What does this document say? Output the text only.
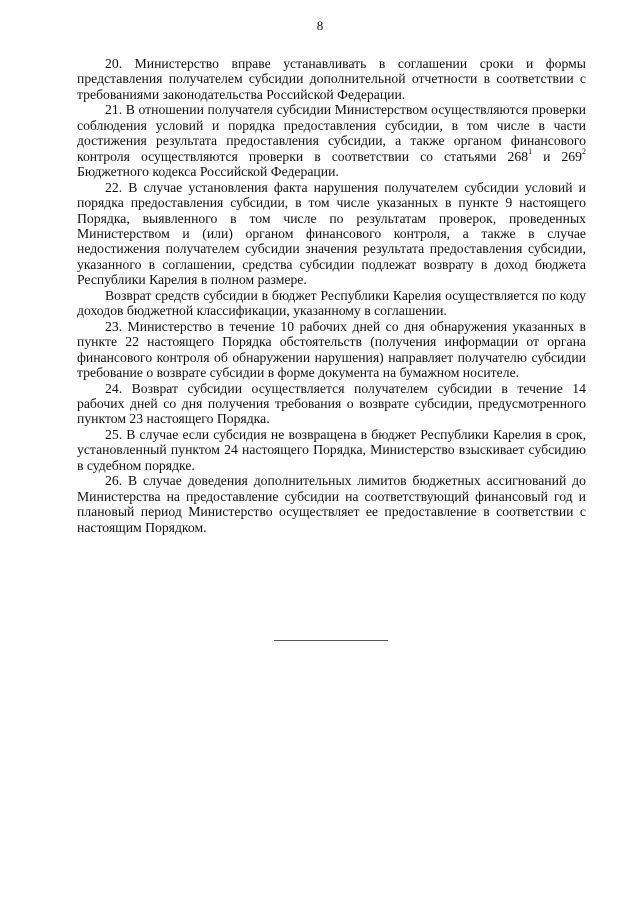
8

20. Министерство вправе устанавливать в соглашении сроки и формы представления получателем субсидии дополнительной отчетности в соответствии с требованиями законодательства Российской Федерации.

21. В отношении получателя субсидии Министерством осуществляются проверки соблюдения условий и порядка предоставления субсидии, в том числе в части достижения результата предоставления субсидии, а также органом финансового контроля осуществляются проверки в соответствии со статьями $268^1$ и $269^2$ Бюджетного кодекса Российской Федерации.

22. В случае установления факта нарушения получателем субсидии условий и порядка предоставления субсидии, в том числе указанных в пункте 9 настоящего Порядка, выявленного в том числе по результатам проверок, проведенных Министерством и (или) органом финансового контроля, а также в случае недостижения получателем субсидии значения результата предоставления субсидии, указанного в соглашении, средства субсидии подлежат возврату в доход бюджета Республики Карелия в полном размере.

Возврат средств субсидии в бюджет Республики Карелия осуществляется по коду доходов бюджетной классификации, указанному в соглашении.

23. Министерство в течение 10 рабочих дней со дня обнаружения указанных в пункте 22 настоящего Порядка обстоятельств (получения информации от органа финансового контроля об обнаружении нарушения) направляет получателю субсидии требование о возврате субсидии в форме документа на бумажном носителе.

24. Возврат субсидии осуществляется получателем субсидии в течение 14 рабочих дней со дня получения требования о возврате субсидии, предусмотренного пунктом 23 настоящего Порядка.

25. В случае если субсидия не возвращена в бюджет Республики Карелия в срок, установленный пунктом 24 настоящего Порядка, Министерство взыскивает субсидию в судебном порядке.

26. В случае доведения дополнительных лимитов бюджетных ассигнований до Министерства на предоставление субсидии на соответствующий финансовый год и плановый период Министерство осуществляет ее предоставление в соответствии с настоящим Порядком.
